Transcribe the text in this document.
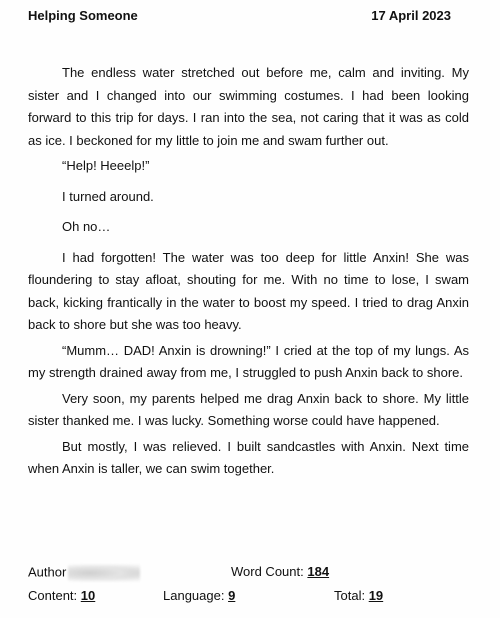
Helping Someone	17 April 2023

The endless water stretched out before me, calm and inviting. My sister and I changed into our swimming costumes. I had been looking forward to this trip for days. I ran into the sea, not caring that it was as cold as ice. I beckoned for my little to join me and swam further out.

“Help! Heeelp!”

I turned around.

Oh no…

I had forgotten! The water was too deep for little Anxin! She was floundering to stay afloat, shouting for me. With no time to lose, I swam back, kicking frantically in the water to boost my speed. I tried to drag Anxin back to shore but she was too heavy.

“Mumm… DAD! Anxin is drowning!” I cried at the top of my lungs. As my strength drained away from me, I struggled to push Anxin back to shore.

Very soon, my parents helped me drag Anxin back to shore. My little sister thanked me. I was lucky. Something worse could have happened.

But mostly, I was relieved. I built sandcastles with Anxin. Next time when Anxin is taller, we can swim together.

Author	Word Count: 184
Content: 10	Language: 9	Total: 19
